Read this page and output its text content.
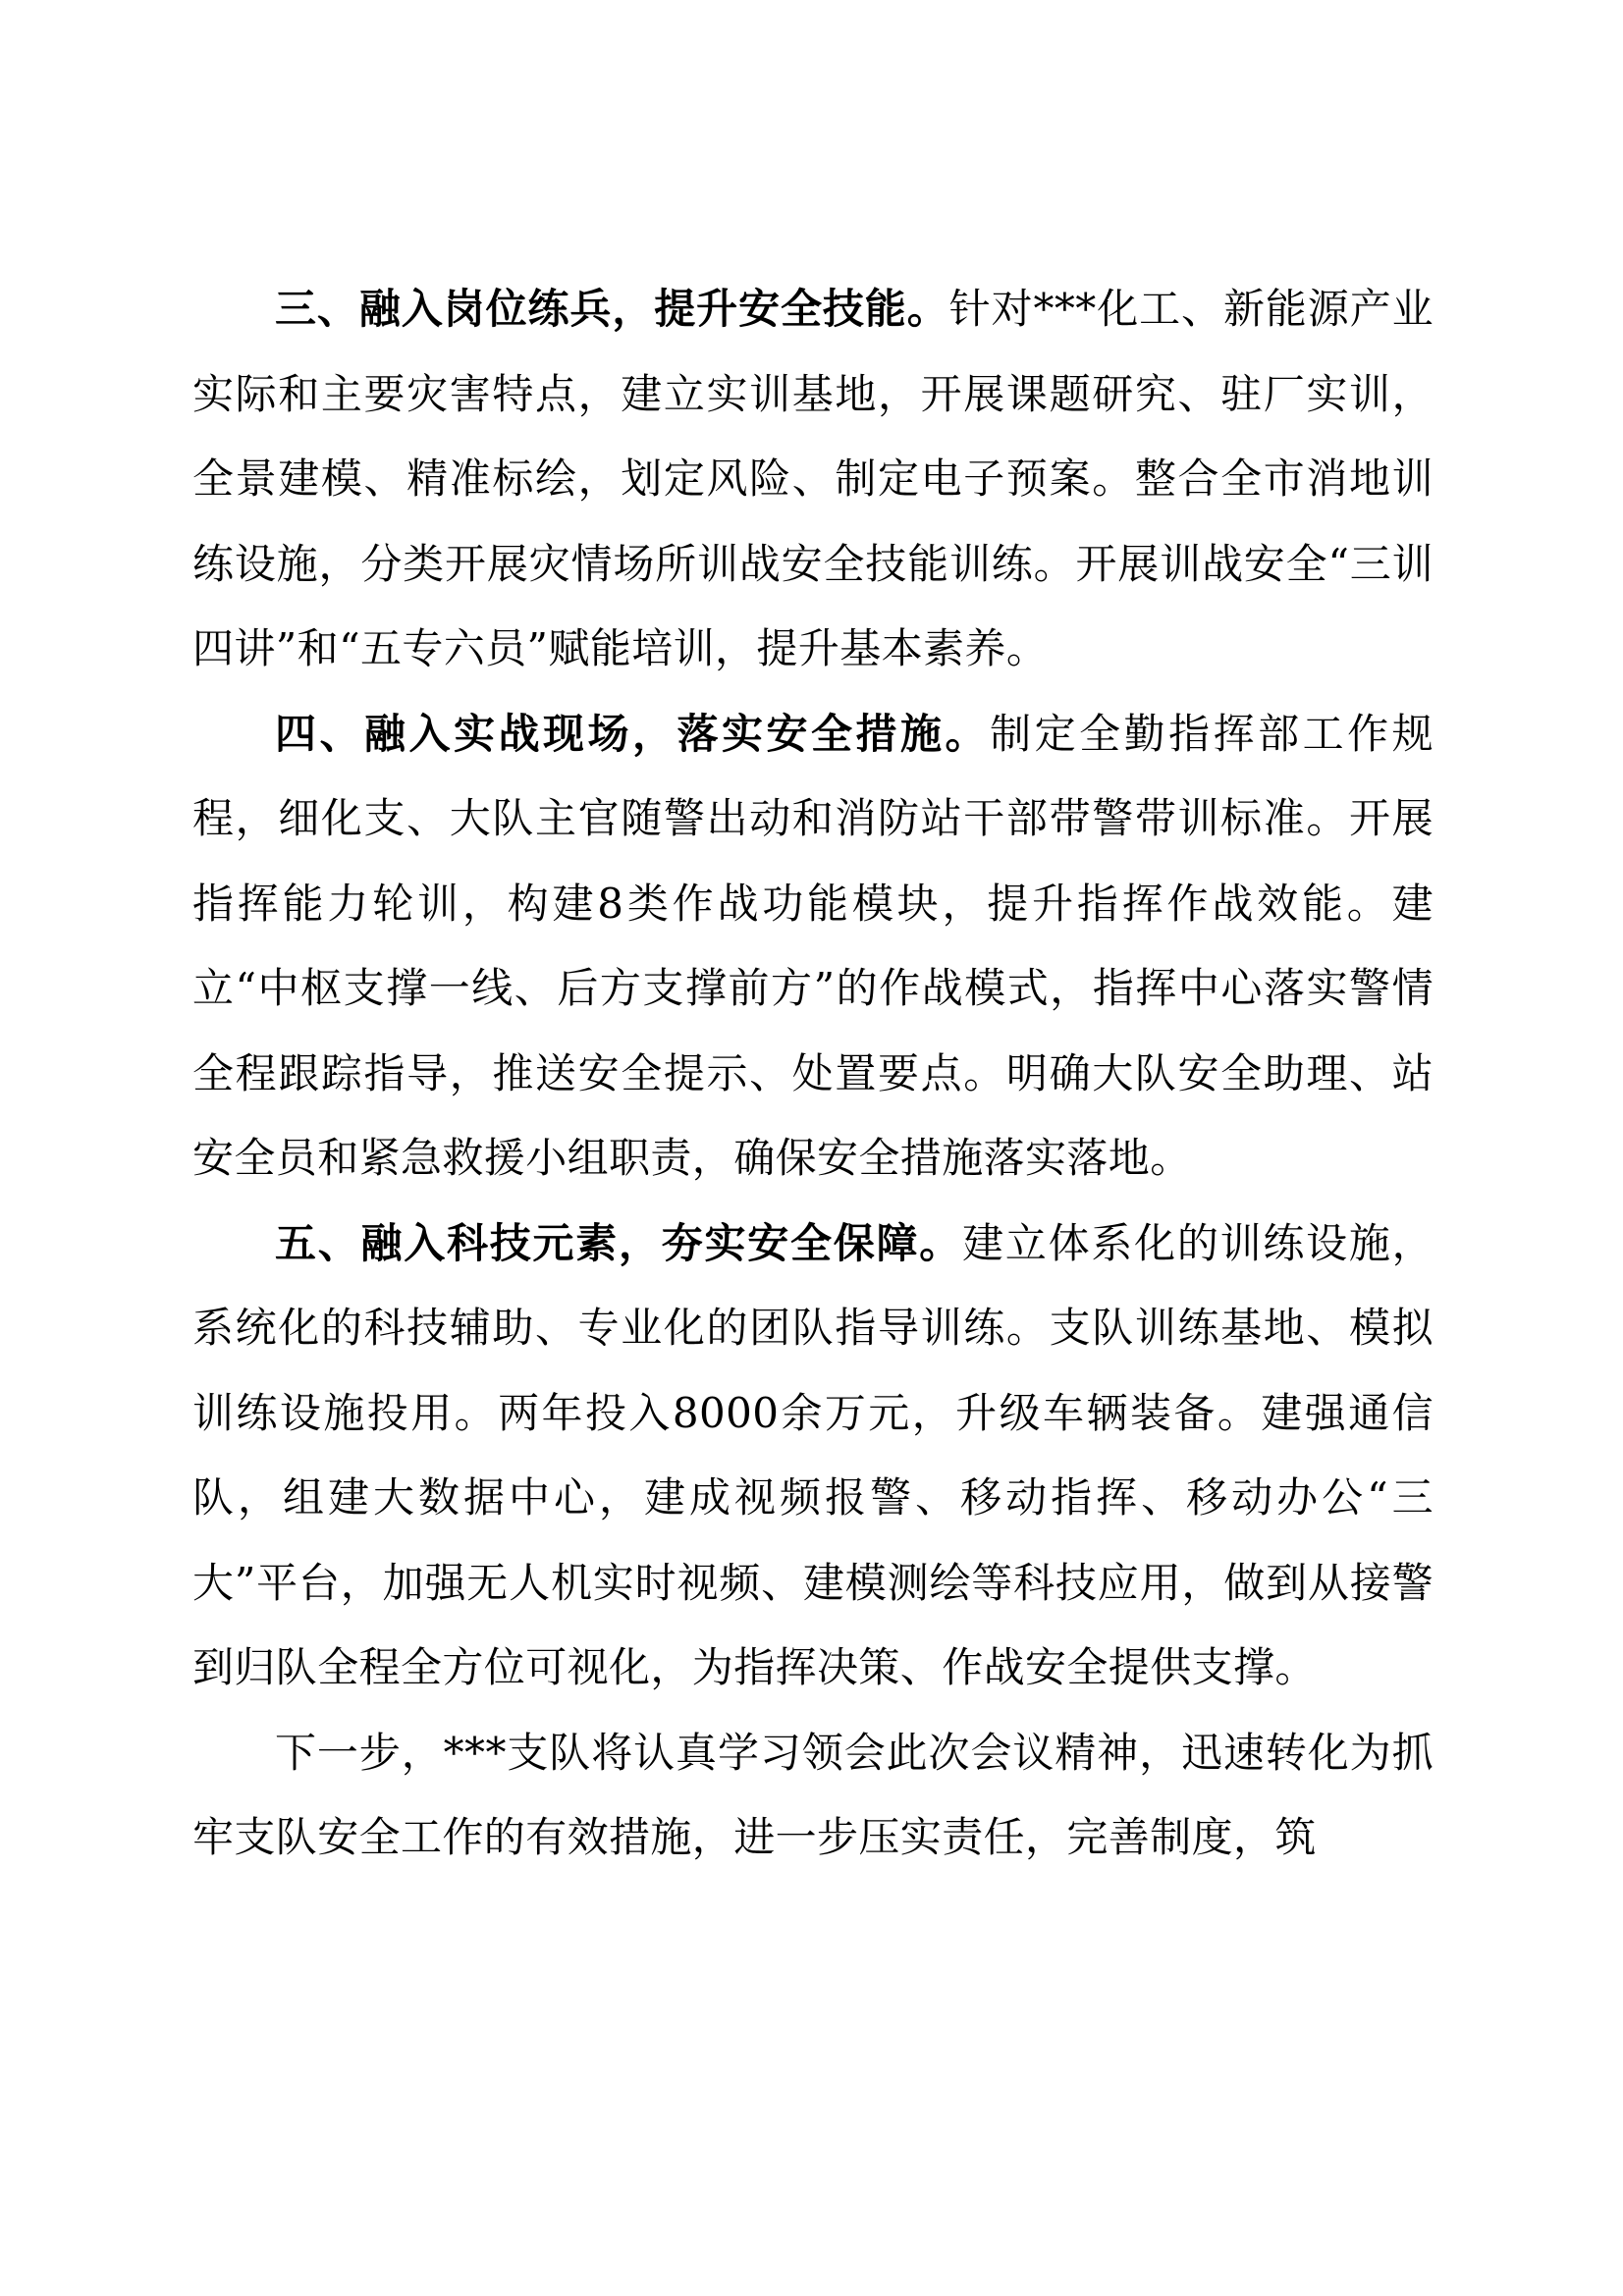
三、融入岗位练兵，提升安全技能。针对***化工、新能源产业实际和主要灾害特点，建立实训基地，开展课题研究、驻厂实训，全景建模、精准标绘，划定风险、制定电子预案。整合全市消地训练设施，分类开展灾情场所训战安全技能训练。开展训战安全“三训四讲”和“五专六员”赋能培训，提升基本素养。

四、融入实战现场，落实安全措施。制定全勤指挥部工作规程，细化支、大队主官随警出动和消防站干部带警带训标准。开展指挥能力轮训，构建8类作战功能模块，提升指挥作战效能。建立“中枢支撑一线、后方支撑前方”的作战模式，指挥中心落实警情全程跟踪指导，推送安全提示、处置要点。明确大队安全助理、站安全员和紧急救援小组职责，确保安全措施落实落地。

五、融入科技元素，夯实安全保障。建立体系化的训练设施，系统化的科技辅助、专业化的团队指导训练。支队训练基地、模拟训练设施投用。两年投入8000余万元，升级车辆装备。建强通信队，组建大数据中心，建成视频报警、移动指挥、移动办公“三大”平台，加强无人机实时视频、建模测绘等科技应用，做到从接警到归队全程全方位可视化，为指挥决策、作战安全提供支撑。

下一步，***支队将认真学习领会此次会议精神，迅速转化为抓牢支队安全工作的有效措施，进一步压实责任，完善制度，筑
